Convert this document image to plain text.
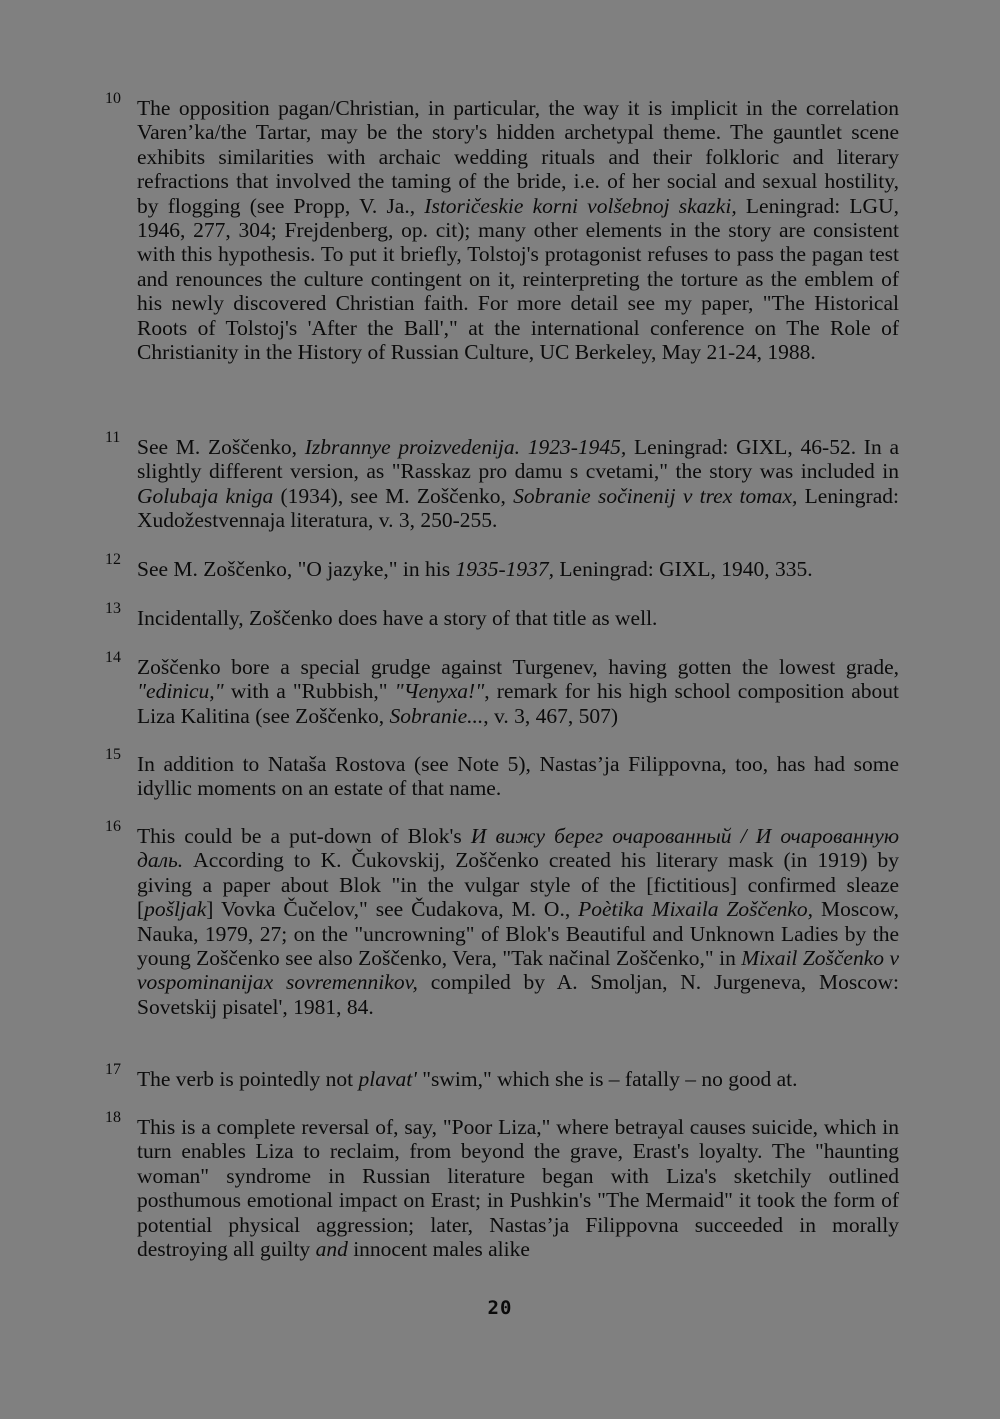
10 The opposition pagan/Christian, in particular, the way it is implicit in the correlation Varen’ka/the Tartar, may be the story's hidden archetypal theme. The gauntlet scene exhibits similarities with archaic wedding rituals and their folkloric and literary refractions that involved the taming of the bride, i.e. of her social and sexual hostility, by flogging (see Propp, V. Ja., Istoričeskie korni volšebnoj skazki, Leningrad: LGU, 1946, 277, 304; Frejdenberg, op. cit); many other elements in the story are consistent with this hypothesis. To put it briefly, Tolstoj's protagonist refuses to pass the pagan test and renounces the culture contingent on it, reinterpreting the torture as the emblem of his newly discovered Christian faith. For more detail see my paper, "The Historical Roots of Tolstoj's 'After the Ball'," at the international conference on The Role of Christianity in the History of Russian Culture, UC Berkeley, May 21-24, 1988.

11 See M. Zoščenko, Izbrannye proizvedenija. 1923-1945, Leningrad: GIXL, 46-52. In a slightly different version, as "Rasskaz pro damu s cvetami," the story was included in Golubaja kniga (1934), see M. Zoščenko, Sobranie sočinenij v trex tomax, Leningrad: Xudožestvennaja literatura, v. 3, 250-255.

12 See M. Zoščenko, "O jazyke," in his 1935-1937, Leningrad: GIXL, 1940, 335.

13 Incidentally, Zoščenko does have a story of that title as well.

14 Zoščenko bore a special grudge against Turgenev, having gotten the lowest grade, "edinicu," with a "Rubbish," "Чепуха!", remark for his high school composition about Liza Kalitina (see Zoščenko, Sobranie..., v. 3, 467, 507)

15 In addition to Nataša Rostova (see Note 5), Nastas’ja Filippovna, too, has had some idyllic moments on an estate of that name.

16 This could be a put-down of Blok's И вижу берег очарованный / И очарованную даль. According to K. Čukovskij, Zoščenko created his literary mask (in 1919) by giving a paper about Blok "in the vulgar style of the [fictitious] confirmed sleaze [pošljak] Vovka Čučelov," see Čudakova, M. O., Poètika Mixaila Zoščenko, Moscow, Nauka, 1979, 27; on the "uncrowning" of Blok's Beautiful and Unknown Ladies by the young Zoščenko see also Zoščenko, Vera, "Tak načinal Zoščenko," in Mixail Zoščenko v vospominanijax sovremennikov, compiled by A. Smoljan, N. Jurgeneva, Moscow: Sovetskij pisatel', 1981, 84.

17 The verb is pointedly not plavat' "swim," which she is – fatally – no good at.

18 This is a complete reversal of, say, "Poor Liza," where betrayal causes suicide, which in turn enables Liza to reclaim, from beyond the grave, Erast's loyalty. The "haunting woman" syndrome in Russian literature began with Liza's sketchily outlined posthumous emotional impact on Erast; in Pushkin's "The Mermaid" it took the form of potential physical aggression; later, Nastas’ja Filippovna succeeded in morally destroying all guilty and innocent males alike

20
